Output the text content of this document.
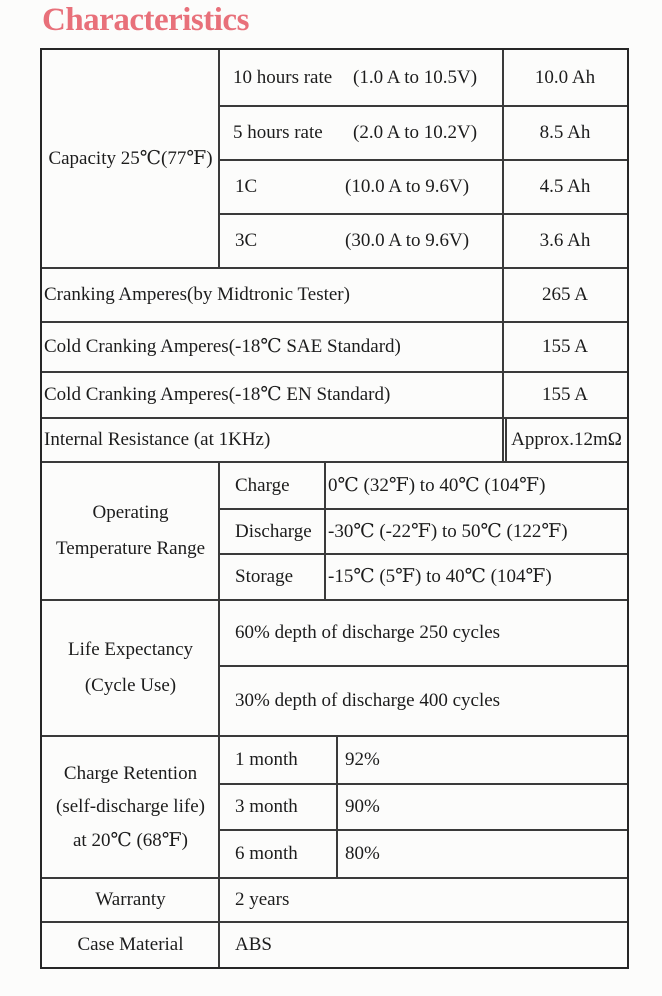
Characteristics
Capacity 25℃(77℉)
10 hours rate	(1.0 A to 10.5V)	10.0 Ah
5 hours rate	(2.0 A to 10.2V)	8.5 Ah
1C	(10.0 A to 9.6V)	4.5 Ah
3C	(30.0 A to 9.6V)	3.6 Ah
Cranking Amperes(by Midtronic Tester)	265 A
Cold Cranking Amperes(-18℃ SAE Standard)	155 A
Cold Cranking Amperes(-18℃ EN Standard)	155 A
Internal Resistance (at 1KHz)	Approx.12mΩ
Operating
Temperature Range
Charge	0℃ (32℉) to 40℃ (104℉)
Discharge -30℃ (-22℉) to 50℃ (122℉)
Storage	-15℃ (5℉) to 40℃ (104℉)
Life Expectancy
(Cycle Use)
60% depth of discharge 250 cycles
30% depth of discharge 400 cycles
Charge Retention
(self-discharge life)
at 20℃ (68℉)
1 month	92%
3 month	90%
6 month	80%
Warranty	2 years
Case Material	ABS
